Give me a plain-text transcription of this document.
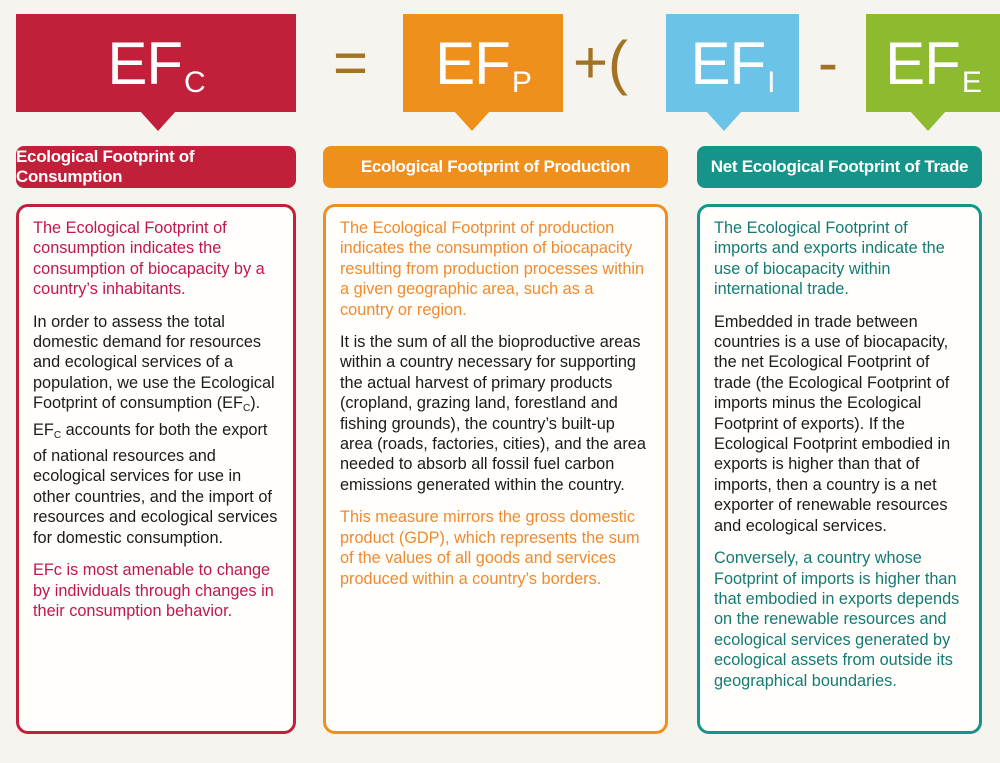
EF C = EF P +( EF I - EF E
Ecological Footprint of Consumption
Ecological Footprint of Production	Net Ecological Footprint of Trade

The Ecological Footprint of consumption indicates the consumption of biocapacity by a country’s inhabitants.

In order to assess the total domestic demand for resources and ecological services of a population, we use the Ecological Footprint of consumption (EFC). EFC accounts for both the export of national resources and ecological services for use in other countries, and the import of resources and ecological services for domestic consumption.

EFc is most amenable to change by individuals through changes in their consumption behavior.

The Ecological Footprint of production indicates the consumption of biocapacity resulting from production processes within a given geographic area, such as a country or region.

It is the sum of all the bioproductive areas within a country necessary for supporting the actual harvest of primary products (cropland, grazing land, forestland and fishing grounds), the country’s built-up area (roads, factories, cities), and the area needed to absorb all fossil fuel carbon emissions generated within the country.

This measure mirrors the gross domestic product (GDP), which represents the sum of the values of all goods and services produced within a country’s borders.

The Ecological Footprint of imports and exports indicate the use of biocapacity within international trade.

Embedded in trade between countries is a use of biocapacity, the net Ecological Footprint of trade (the Ecological Footprint of imports minus the Ecological Footprint of exports). If the Ecological Footprint embodied in exports is higher than that of imports, then a country is a net exporter of renewable resources and ecological services.

Conversely, a country whose Footprint of imports is higher than that embodied in exports depends on the renewable resources and ecological services generated by ecological assets from outside its geographical boundaries.
